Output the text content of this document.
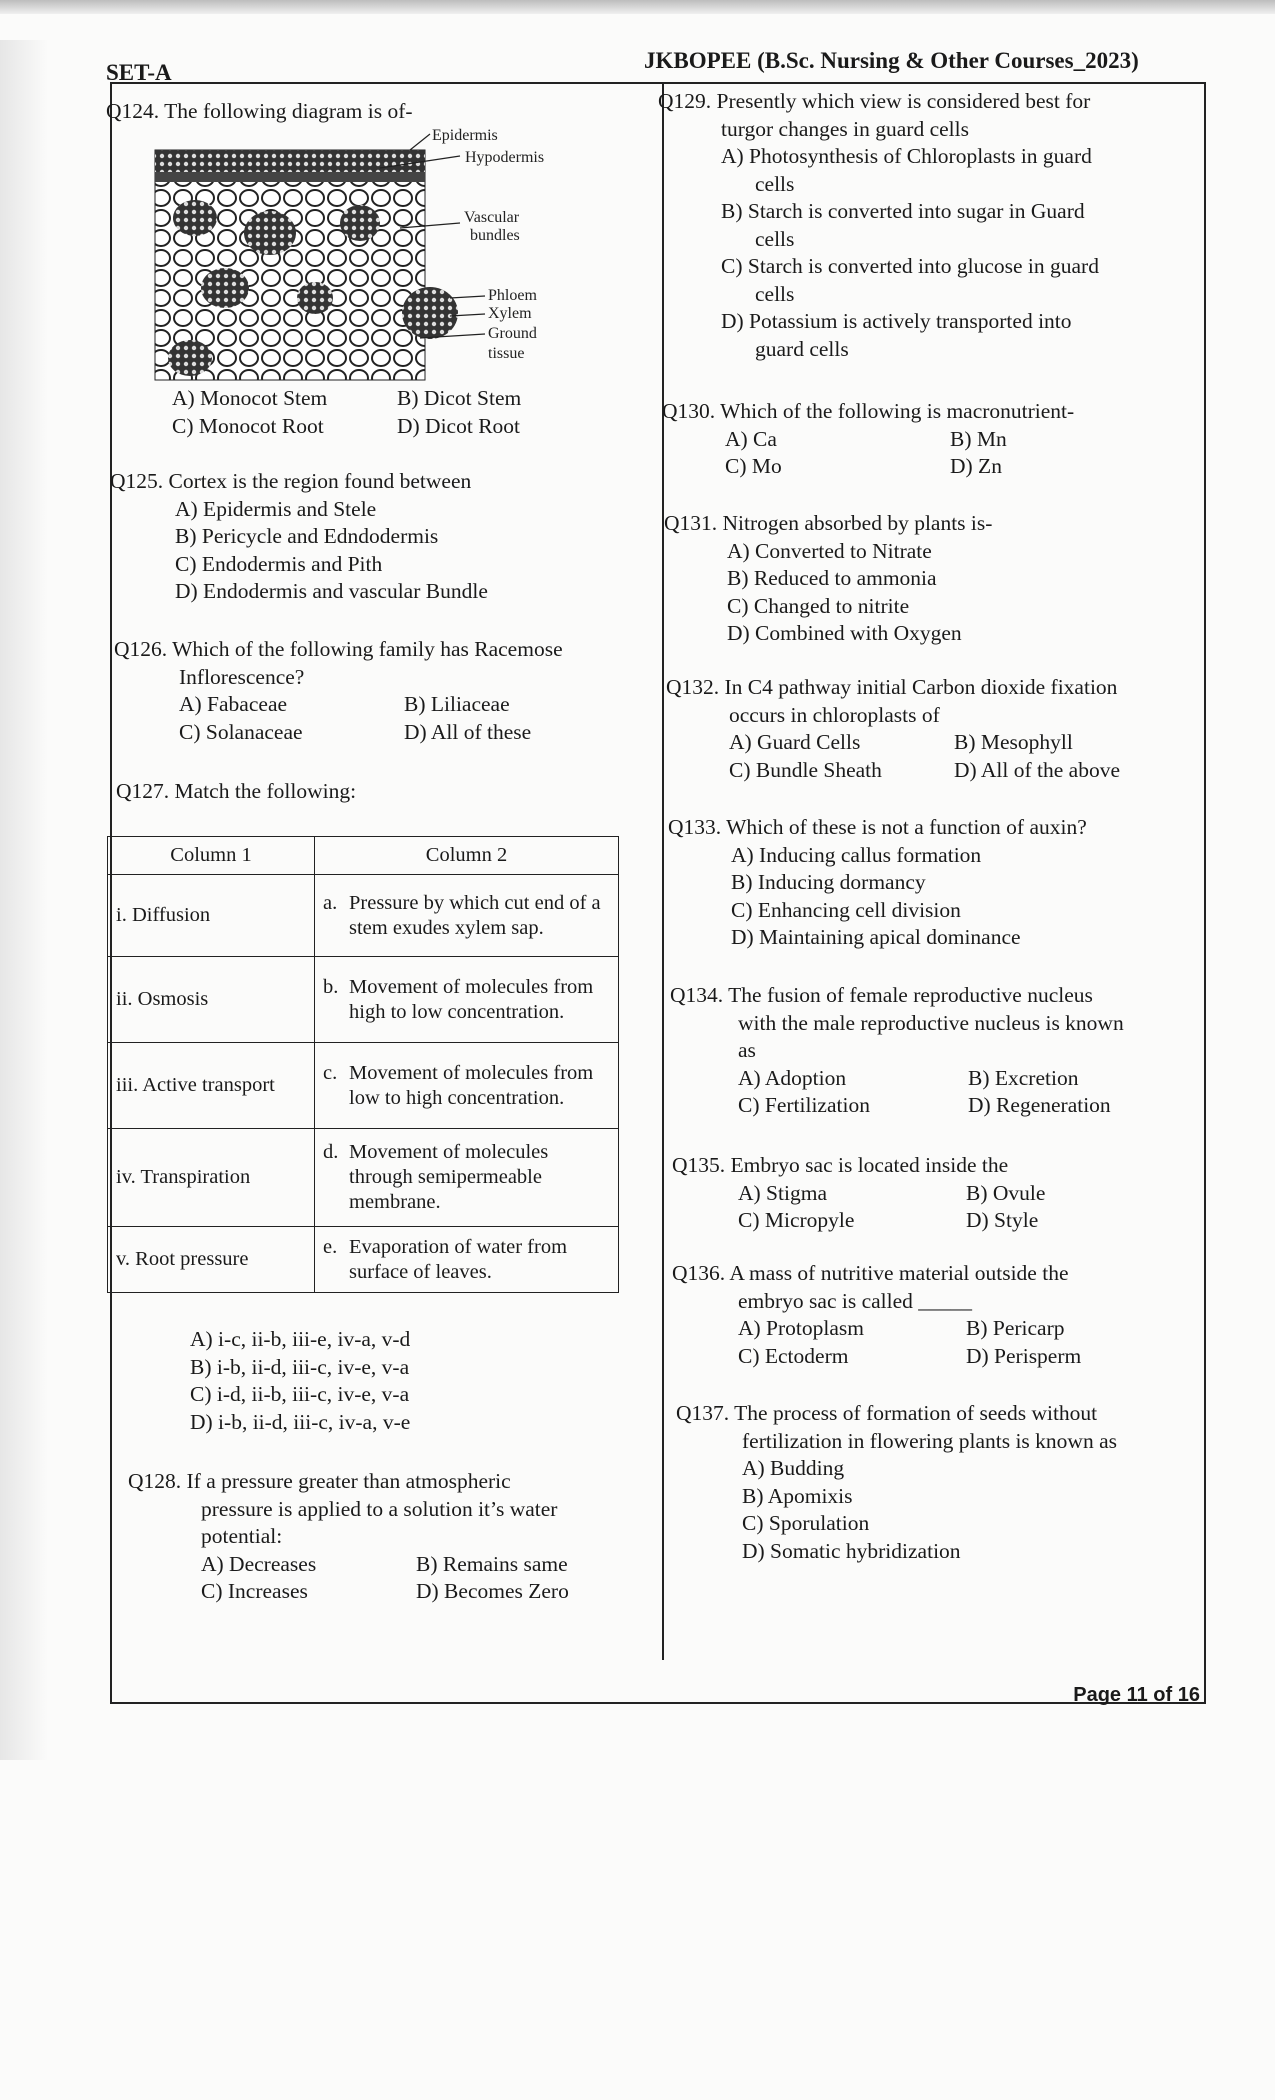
SET-A	JKBOPEE (B.Sc. Nursing & Other Courses_2023)
Q124. The following diagram is of-
Epidermis
Hypodermis
Vascular
bundles
Phloem
Xylem
Ground
tissue
A) Monocot Stem	B) Dicot Stem
C) Monocot Root	D) Dicot Root
Q125. Cortex is the region found between
A) Epidermis and Stele
B) Pericycle and Edndodermis
C) Endodermis and Pith
D) Endodermis and vascular Bundle
Q126. Which of the following family has Racemose
Inflorescence?
A) Fabaceae	B) Liliaceae
C) Solanaceae	D) All of these
Q127. Match the following:
Column 1	Column 2
i. Diffusion	a. Pressure by which cut end of a stem exudes xylem sap.

ii. Osmosis	b. Movement of molecules from high to low concentration.

iii. Active transport	c. Movement of molecules from low to high concentration.

iv. Transpiration	d. Movement of molecules through semipermeable membrane.

v. Root pressure	e. Evaporation of water from surface of leaves.
A) i-c, ii-b, iii-e, iv-a, v-d
B) i-b, ii-d, iii-c, iv-e, v-a
C) i-d, ii-b, iii-c, iv-e, v-a
D) i-b, ii-d, iii-c, iv-a, v-e
Q128. If a pressure greater than atmospheric
pressure is applied to a solution it’s water
potential:
A) Decreases	B) Remains same
C) Increases	D) Becomes Zero
Q129. Presently which view is considered best for
turgor changes in guard cells
A) Photosynthesis of Chloroplasts in guard
cells
B) Starch is converted into sugar in Guard
cells
C) Starch is converted into glucose in guard
cells
D) Potassium is actively transported into
guard cells
Q130. Which of the following is macronutrient-
A) Ca	B) Mn
C) Mo	D) Zn
Q131. Nitrogen absorbed by plants is-
A) Converted to Nitrate
B) Reduced to ammonia
C) Changed to nitrite
D) Combined with Oxygen
Q132. In C4 pathway initial Carbon dioxide fixation
occurs in chloroplasts of
A) Guard Cells	B) Mesophyll
C) Bundle Sheath	D) All of the above
Q133. Which of these is not a function of auxin?
A) Inducing callus formation
B) Inducing dormancy
C) Enhancing cell division
D) Maintaining apical dominance
Q134. The fusion of female reproductive nucleus
with the male reproductive nucleus is known
as
A) Adoption	B) Excretion
C) Fertilization	D) Regeneration
Q135. Embryo sac is located inside the
A) Stigma	B) Ovule
C) Micropyle	D) Style
Q136. A mass of nutritive material outside the
embryo sac is called _____
A) Protoplasm	B) Pericarp
C) Ectoderm	D) Perisperm
Q137. The process of formation of seeds without
fertilization in flowering plants is known as
A) Budding
B) Apomixis
C) Sporulation
D) Somatic hybridization
Page 11 of 16
